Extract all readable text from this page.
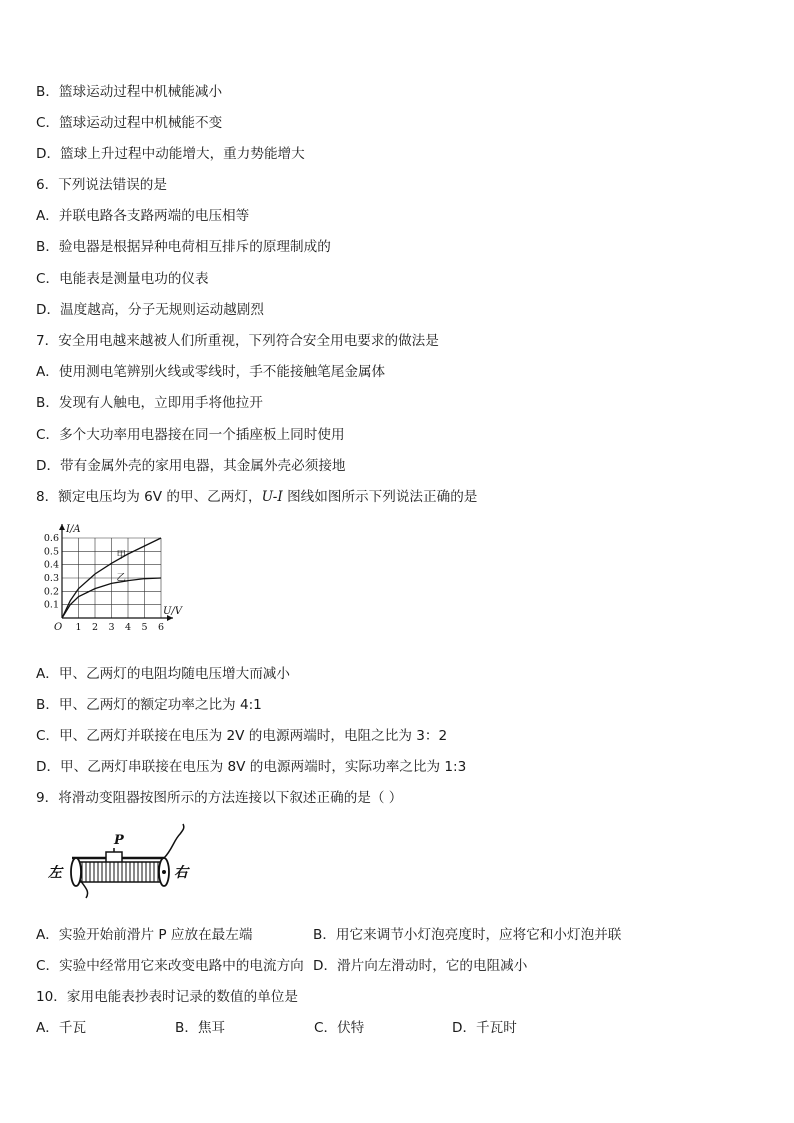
B．篮球运动过程中机械能减小
C．篮球运动过程中机械能不变
D．篮球上升过程中动能增大，重力势能增大
6．下列说法错误的是
A．并联电路各支路两端的电压相等
B．验电器是根据异种电荷相互排斥的原理制成的
C．电能表是测量电功的仪表
D．温度越高，分子无规则运动越剧烈
7．安全用电越来越被人们所重视，下列符合安全用电要求的做法是
A．使用测电笔辨别火线或零线时，手不能接触笔尾金属体
B．发现有人触电，立即用手将他拉开
C．多个大功率用电器接在同一个插座板上同时使用
D．带有金属外壳的家用电器，其金属外壳必须接地
8．额定电压均为 6V 的甲、乙两灯，U-I 图线如图所示下列说法正确的是
1 2 3 4 5 6
0.1
0.2
0.3
0.4
0.5
0.6
O
I/A
U/V
甲
乙
A．甲、乙两灯的电阻均随电压增大而减小
B．甲、乙两灯的额定功率之比为 4:1
C．甲、乙两灯并联接在电压为 2V 的电源两端时，电阻之比为 3：2
D．甲、乙两灯串联接在电压为 8V 的电源两端时，实际功率之比为 1:3
9．将滑动变阻器按图所示的方法连接以下叙述正确的是（ ）
P
左	右
A．实验开始前滑片 P 应放在最左端	B．用它来调节小灯泡亮度时，应将它和小灯泡并联
C．实验中经常用它来改变电路中的电流方向 D．滑片向左滑动时，它的电阻减小
10．家用电能表抄表时记录的数值的单位是
A．千瓦	B．焦耳	C．伏特	D．千瓦时
